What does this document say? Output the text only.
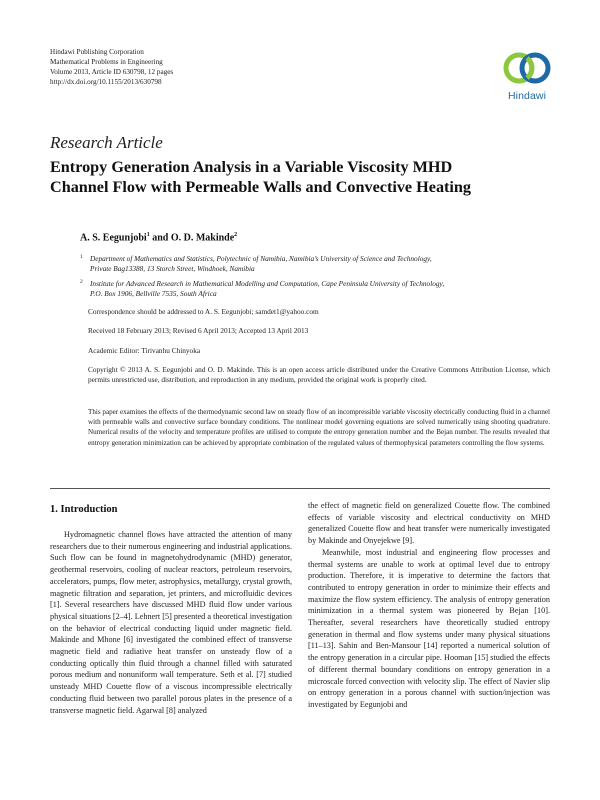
Hindawi Publishing Corporation
Mathematical Problems in Engineering
Volume 2013, Article ID 630798, 12 pages
http://dx.doi.org/10.1155/2013/630798
Hindawi
Research Article
Entropy Generation Analysis in a Variable Viscosity MHD
Channel Flow with Permeable Walls and Convective Heating
A. S. Eegunjobi$^1$ and O. D. Makinde$^2$
1 Department of Mathematics and Statistics, Polytechnic of Namibia, Namibia’s University of Science and Technology,
Private Bag13388, 13 Storch Street, Windhoek, Namibia
2 Institute for Advanced Research in Mathematical Modelling and Computation, Cape Peninsula University of Technology,
P.O. Box 1906, Bellville 7535, South Africa
Correspondence should be addressed to A. S. Eegunjobi; samdet1@yahoo.com
Received 18 February 2013; Revised 6 April 2013; Accepted 13 April 2013
Academic Editor: Tirivanhu Chinyoka
Copyright © 2013 A. S. Eegunjobi and O. D. Makinde. This is an open access article distributed under the Creative Commons Attribution License, which permits unrestricted use, distribution, and reproduction in any medium, provided the original work is properly cited.
This paper examines the effects of the thermodynamic second law on steady flow of an incompressible variable viscosity electrically conducting fluid in a channel with permeable walls and convective surface boundary conditions. The nonlinear model governing equations are solved numerically using shooting quadrature. Numerical results of the velocity and temperature profiles are utilised to compute the entropy generation number and the Bejan number. The results revealed that entropy generation minimization can be achieved by appropriate combination of the regulated values of thermophysical parameters controlling the flow systems.
1. Introduction

Hydromagnetic channel flows have attracted the attention of many researchers due to their numerous engineering and industrial applications. Such flow can be found in magnetohydrodynamic (MHD) generator, geothermal reservoirs, cooling of nuclear reactors, petroleum reservoirs, accelerators, pumps, flow meter, astrophysics, metallurgy, crystal growth, magnetic filtration and separation, jet printers, and microfluidic devices [1]. Several researchers have discussed MHD fluid flow under various physical situations [2–4]. Lehnert [5] presented a theoretical investigation on the behavior of electrical conducting liquid under magnetic field. Makinde and Mhone [6] investigated the combined effect of transverse magnetic field and radiative heat transfer on unsteady flow of a conducting optically thin fluid through a channel filled with saturated porous medium and nonuniform wall temperature. Seth et al. [7] studied unsteady MHD Couette flow of a viscous incompressible electrically conducting fluid between two parallel porous plates in the presence of a transverse magnetic field. Agarwal [8] analyzed

the effect of magnetic field on generalized Couette flow. The combined effects of variable viscosity and electrical conductivity on MHD generalized Couette flow and heat transfer were numerically investigated by Makinde and Onyejekwe [9].

Meanwhile, most industrial and engineering flow processes and thermal systems are unable to work at optimal level due to entropy production. Therefore, it is imperative to determine the factors that contributed to entropy generation in order to minimize their effects and maximize the flow system efficiency. The analysis of entropy generation minimization in a thermal system was pioneered by Bejan [10]. Thereafter, several researchers have theoretically studied entropy generation in thermal and flow systems under many physical situations [11–13]. Sahin and Ben-Mansour [14] reported a numerical solution of the entropy generation in a circular pipe. Hooman [15] studied the effects of different thermal boundary conditions on entropy generation in a microscale forced convection with velocity slip. The effect of Navier slip on entropy generation in a porous channel with suction/injection was investigated by Eegunjobi and
